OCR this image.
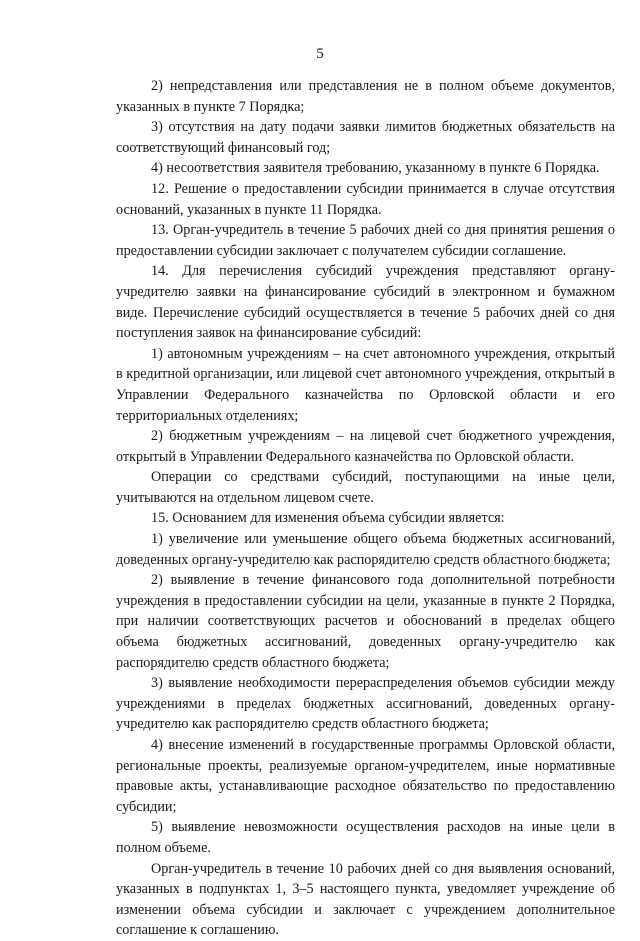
5

2) непредставления или представления не в полном объеме документов, указанных в пункте 7 Порядка;

3) отсутствия на дату подачи заявки лимитов бюджетных обязательств на соответствующий финансовый год;

4) несоответствия заявителя требованию, указанному в пункте 6 Порядка.

12. Решение о предоставлении субсидии принимается в случае отсутствия оснований, указанных в пункте 11 Порядка.

13. Орган-учредитель в течение 5 рабочих дней со дня принятия решения о предоставлении субсидии заключает с получателем субсидии соглашение.

14. Для перечисления субсидий учреждения представляют органу-учредителю заявки на финансирование субсидий в электронном и бумажном виде. Перечисление субсидий осуществляется в течение 5 рабочих дней со дня поступления заявок на финансирование субсидий:

1) автономным учреждениям – на счет автономного учреждения, открытый в кредитной организации, или лицевой счет автономного учреждения, открытый в Управлении Федерального казначейства по Орловской области и его территориальных отделениях;

2) бюджетным учреждениям – на лицевой счет бюджетного учреждения, открытый в Управлении Федерального казначейства по Орловской области.

Операции со средствами субсидий, поступающими на иные цели, учитываются на отдельном лицевом счете.

15. Основанием для изменения объема субсидии является:

1) увеличение или уменьшение общего объема бюджетных ассигнований, доведенных органу-учредителю как распорядителю средств областного бюджета;

2) выявление в течение финансового года дополнительной потребности учреждения в предоставлении субсидии на цели, указанные в пункте 2 Порядка, при наличии соответствующих расчетов и обоснований в пределах общего объема бюджетных ассигнований, доведенных органу-учредителю как распорядителю средств областного бюджета;

3) выявление необходимости перераспределения объемов субсидии между учреждениями в пределах бюджетных ассигнований, доведенных органу-учредителю как распорядителю средств областного бюджета;

4) внесение изменений в государственные программы Орловской области, региональные проекты, реализуемые органом-учредителем, иные нормативные правовые акты, устанавливающие расходное обязательство по предоставлению субсидии;

5) выявление невозможности осуществления расходов на иные цели в полном объеме.

Орган-учредитель в течение 10 рабочих дней со дня выявления оснований, указанных в подпунктах 1, 3–5 настоящего пункта, уведомляет учреждение об изменении объема субсидии и заключает с учреждением дополнительное соглашение к соглашению.
